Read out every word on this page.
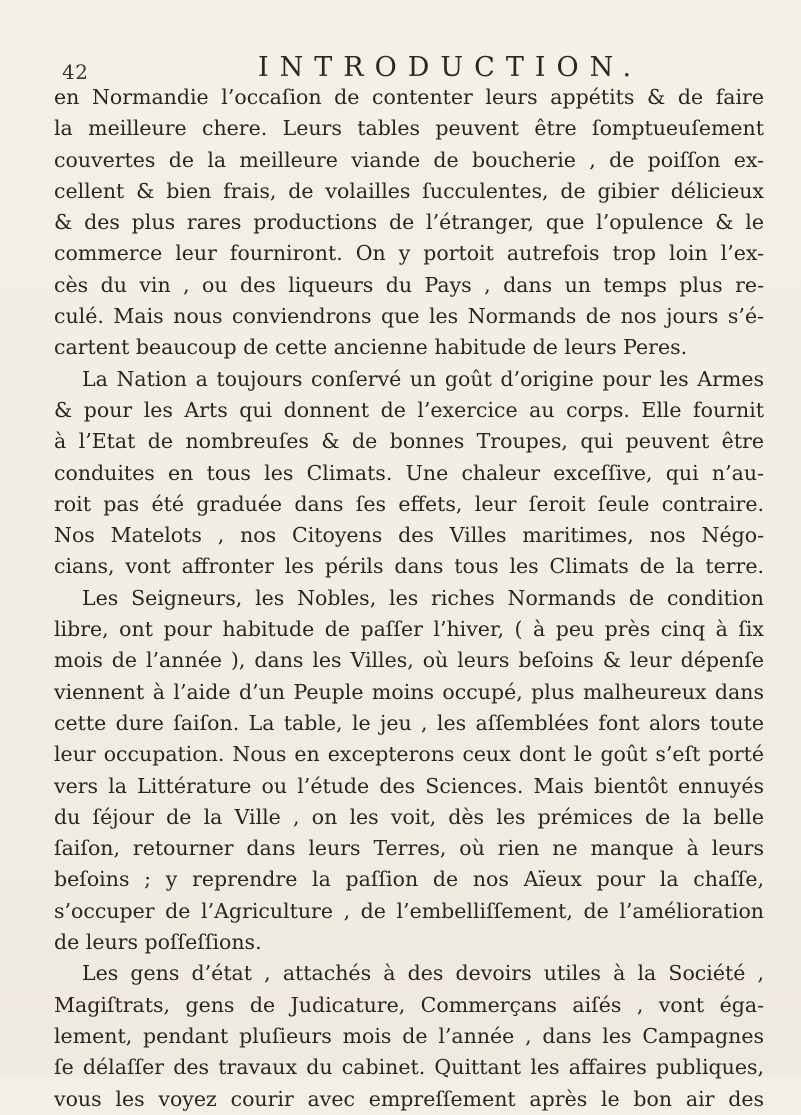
42	INTRODUCTION.
en Normandie l’occaſion de contenter leurs appétits & de faire
la meilleure chere. Leurs tables peuvent être ſomptueuſement
couvertes de la meilleure viande de boucherie , de poiſſon ex-
cellent & bien frais, de volailles ſucculentes, de gibier délicieux
& des plus rares productions de l’étranger, que l’opulence & le
commerce leur fourniront. On y portoit autrefois trop loin l’ex-
cès du vin , ou des liqueurs du Pays , dans un temps plus re-
culé. Mais nous conviendrons que les Normands de nos jours s’é-
cartent beaucoup de cette ancienne habitude de leurs Peres.
La Nation a toujours conſervé un goût d’origine pour les Armes
& pour les Arts qui donnent de l’exercice au corps. Elle fournit
à l’Etat de nombreuſes & de bonnes Troupes, qui peuvent être
conduites en tous les Climats. Une chaleur exceſſive, qui n’au-
roit pas été graduée dans ſes effets, leur ſeroit ſeule contraire.
Nos Matelots , nos Citoyens des Villes maritimes, nos Négo-
cians, vont affronter les périls dans tous les Climats de la terre.
Les Seigneurs, les Nobles, les riches Normands de condition
libre, ont pour habitude de paſſer l’hiver, ( à peu près cinq à ſix
mois de l’année ), dans les Villes, où leurs beſoins & leur dépenſe
viennent à l’aide d’un Peuple moins occupé, plus malheureux dans
cette dure ſaiſon. La table, le jeu , les aſſemblées font alors toute
leur occupation. Nous en excepterons ceux dont le goût s’eſt porté
vers la Littérature ou l’étude des Sciences. Mais bientôt ennuyés
du ſéjour de la Ville , on les voit, dès les prémices de la belle
ſaiſon, retourner dans leurs Terres, où rien ne manque à leurs
beſoins ; y reprendre la paſſion de nos Aïeux pour la chaſſe,
s’occuper de l’Agriculture , de l’embelliſſement, de l’amélioration
de leurs poſſeſſions.
Les gens d’état , attachés à des devoirs utiles à la Société ,
Magiſtrats, gens de Judicature, Commerçans aiſés , vont éga-
lement, pendant pluſieurs mois de l’année , dans les Campagnes
ſe délaſſer des travaux du cabinet. Quittant les affaires publiques,
vous les voyez courir avec empreſſement après le bon air des
